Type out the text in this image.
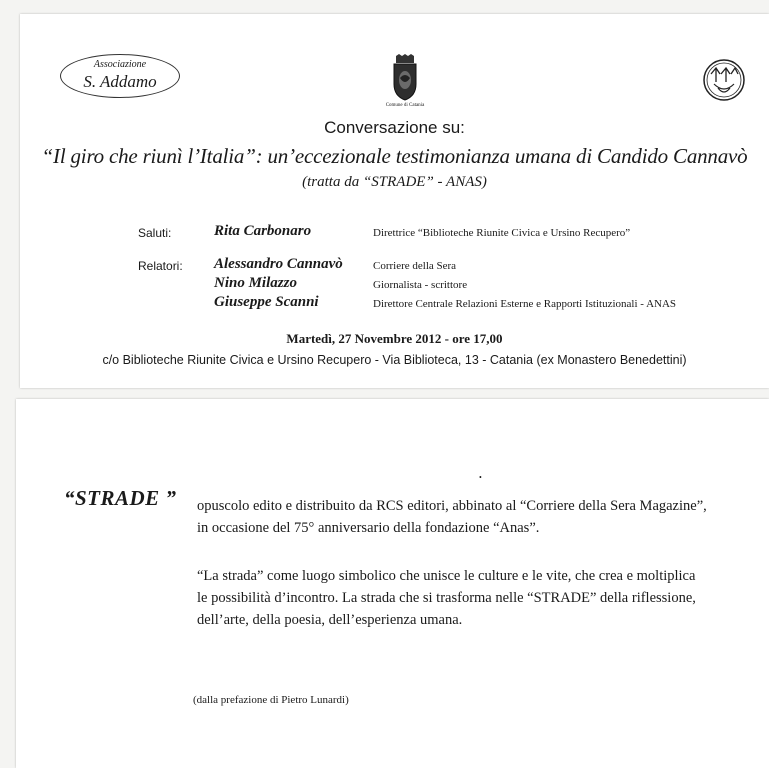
Associazione
S. Addamo
Comune di Catania
Conversazione su:
“Il giro che riunì l’Italia”: un’eccezionale testimonianza umana di Candido Cannavò
(tratta da “STRADE” - ANAS)
Saluti:	Rita Carbonaro	Direttrice “Biblioteche Riunite Civica e Ursino Recupero”
Relatori: Alessandro Cannavò	Corriere della Sera
Nino Milazzo	Giornalista - scrittore
Giuseppe Scanni	Direttore Centrale Relazioni Esterne e Rapporti Istituzionali - ANAS
Martedì, 27 Novembre 2012 - ore 17,00
c/o Biblioteche Riunite Civica e Ursino Recupero - Via Biblioteca, 13 - Catania (ex Monastero Benedettini)
•
“STRADE ” opuscolo edito e distribuito da RCS editori, abbinato al “Corriere della Sera Magazine”,
in occasione del 75° anniversario della fondazione “Anas”.
“La strada” come luogo simbolico che unisce le culture e le vite, che crea e moltiplica
le possibilità d’incontro. La strada che si trasforma nelle “STRADE” della riflessione,
dell’arte, della poesia, dell’esperienza umana.
(dalla prefazione di Pietro Lunardi)
